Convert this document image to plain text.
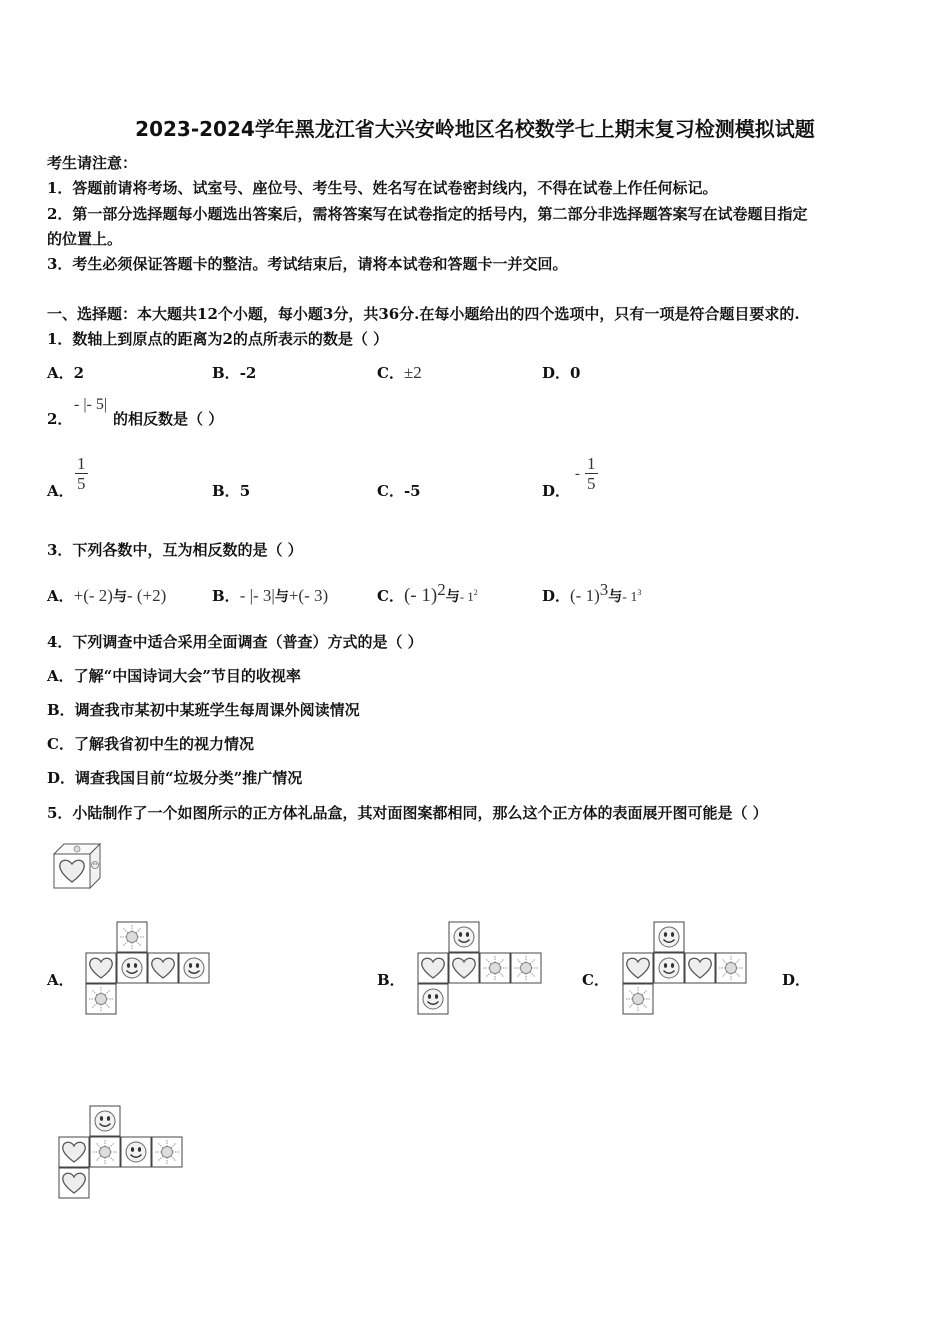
2023-2024学年黑龙江省大兴安岭地区名校数学七上期末复习检测模拟试题
考生请注意：
1．答题前请将考场、试室号、座位号、考生号、姓名写在试卷密封线内，不得在试卷上作任何标记。
2．第一部分选择题每小题选出答案后，需将答案写在试卷指定的括号内，第二部分非选择题答案写在试卷题目指定
的位置上。
3．考生必须保证答题卡的整洁。考试结束后，请将本试卷和答题卡一并交回。
一、选择题：本大题共12个小题，每小题3分，共36分.在每小题给出的四个选项中，只有一项是符合题目要求的.
1．数轴上到原点的距离为2的点所表示的数是（ ）
A．2	B．-2	C．±2	D．0
2．
- |- 5|
的相反数是（ ）
A． $\frac{1}{5}$	B．5	C．-5	D．
- $\frac{1}{5}$
3．下列各数中，互为相反数的是（ ）
A．+(- 2)与- (+2)	B．- |- 3|与+(- 3)	C．(- 1)$^2$与- $1^2$	D．(- 1)$^3$与- $1^3$
4．下列调查中适合采用全面调查（普查）方式的是（ ）
A．了解“中国诗词大会”节目的收视率
B．调查我市某初中某班学生每周课外阅读情况
C．了解我省初中生的视力情况
D．调查我国目前“垃圾分类”推广情况
5．小陆制作了一个如图所示的正方体礼品盒，其对面图案都相同，那么这个正方体的表面展开图可能是（ ）
A．	B．	C．	D．
